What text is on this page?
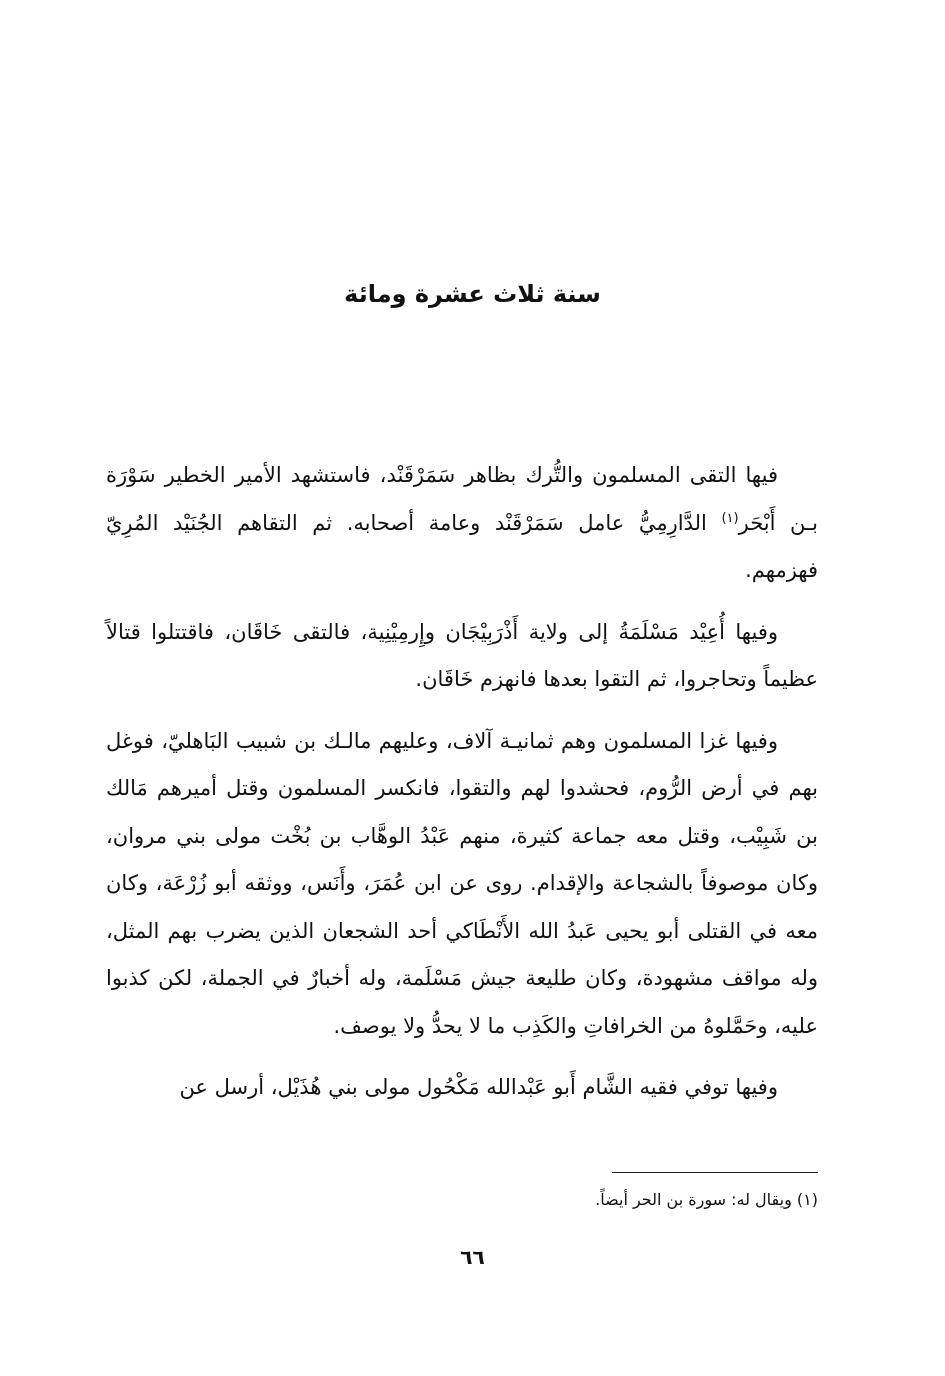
سنة ثلاث عشرة ومائة

فيها التقى المسلمون والتُّرك بظاهر سَمَرْقَنْد، فاستشهد الأمير الخطير سَوْرَة بـن أَبْحَر$^{(١)}$ الدَّارِمِيُّ عامل سَمَرْقَنْد وعامة أصحابه. ثم التقاهم الجُنَيْد المُرِيّ فهزمهم.

وفيها أُعِيْد مَسْلَمَةُ إلى ولاية أَذْرَبِيْجَان وإِرمِيْنِية، فالتقى خَاقَان، فاقتتلوا قتالاً عظيماً وتحاجروا، ثم التقوا بعدها فانهزم خَاقَان.

وفيها غزا المسلمون وهم ثمانيـة آلاف، وعليهم مالـك بن شبيب البَاهليّ، فوغل بهم في أرض الرُّوم، فحشدوا لهم والتقوا، فانكسر المسلمون وقتل أميرهم مَالك بن شَبِيْب، وقتل معه جماعة كثيرة، منهم عَبْدُ الوهَّاب بن بُخْت مولى بني مروان، وكان موصوفاً بالشجاعة والإقدام. روى عن ابن عُمَرَ، وأَنَس، ووثقه أبو زُرْعَة، وكان معه في القتلى أبو يحيى عَبدُ الله الأَنْطَاكي أحد الشجعان الذين يضرب بهم المثل، وله مواقف مشهودة، وكان طليعة جيش مَسْلَمة، وله أخبارٌ في الجملة، لكن كذبوا عليه، وحَمَّلوهُ من الخرافاتِ والكَذِب ما لا يحدُّ ولا يوصف.

وفيها توفي فقيه الشَّام أَبو عَبْدالله مَكْحُول مولى بني هُذَيْل، أرسل عن

(١) ويقال له: سورة بن الحر أيضاً.
٦٦
